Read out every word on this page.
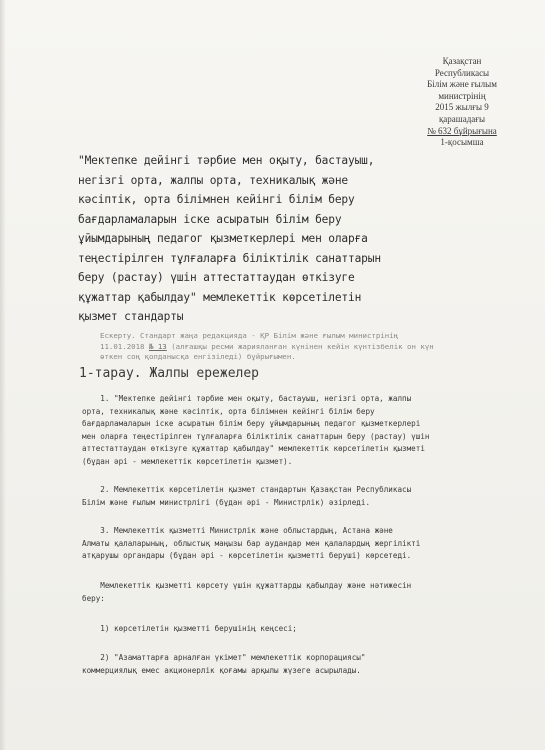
Қазақстан
Республикасы
Білім және ғылым
министрінің
2015 жылғы 9
қарашадағы
№ 632 бұйрығына
1-қосымша
"Мектепке дейінгі тәрбие мен оқыту, бастауыш,
негізгі орта, жалпы орта, техникалық және
кәсіптік, орта білімнен кейінгі білім беру
бағдарламаларын іске асыратын білім беру
ұйымдарының педагог қызметкерлері мен оларға
теңестірілген тұлғаларға біліктілік санаттарын
беру (растау) үшін аттестаттаудан өткізуге
құжаттар қабылдау" мемлекеттік көрсетілетін
қызмет стандарты
Ескерту. Стандарт жаңа редакцияда - ҚР Білім және ғылым министрінің
11.01.2018 № 13 (алғашқы ресми жарияланған күнінен кейін күнтізбелік он күн
өткен соң қолданысқа енгізіледі) бұйрығымен.
1-тарау. Жалпы ережелер
1. "Мектепке дейінгі тәрбие мен оқыту, бастауыш, негізгі орта, жалпы
орта, техникалық және кәсіптік, орта білімнен кейінгі білім беру
бағдарламаларын іске асыратын білім беру ұйымдарының педагог қызметкерлері
мен оларға теңестірілген тұлғаларға біліктілік санаттарын беру (растау) үшін
аттестаттаудан өткізуге құжаттар қабылдау" мемлекеттік көрсетілетін қызметі
(бұдан әрі - мемлекеттік көрсетілетін қызмет).
2. Мемлекеттік көрсетілетін қызмет стандартын Қазақстан Республикасы
Білім және ғылым министрлігі (бұдан әрі - Министрлік) әзірледі.
3. Мемлекеттік қызметті Министрлік және облыстардың, Астана және
Алматы қалаларының, облыстық маңызы бар аудандар мен қалалардың жергілікті
атқарушы органдары (бұдан әрі - көрсетілетін қызметті беруші) көрсетеді.
Мемлекеттік қызметті көрсету үшін құжаттарды қабылдау және нәтижесін
беру:
1) көрсетілетін қызметті берушінің кеңсесі;
2) "Азаматтарға арналған үкімет" мемлекеттік корпорациясы"
коммерциялық емес акционерлік қоғамы арқылы жүзеге асырылады.
